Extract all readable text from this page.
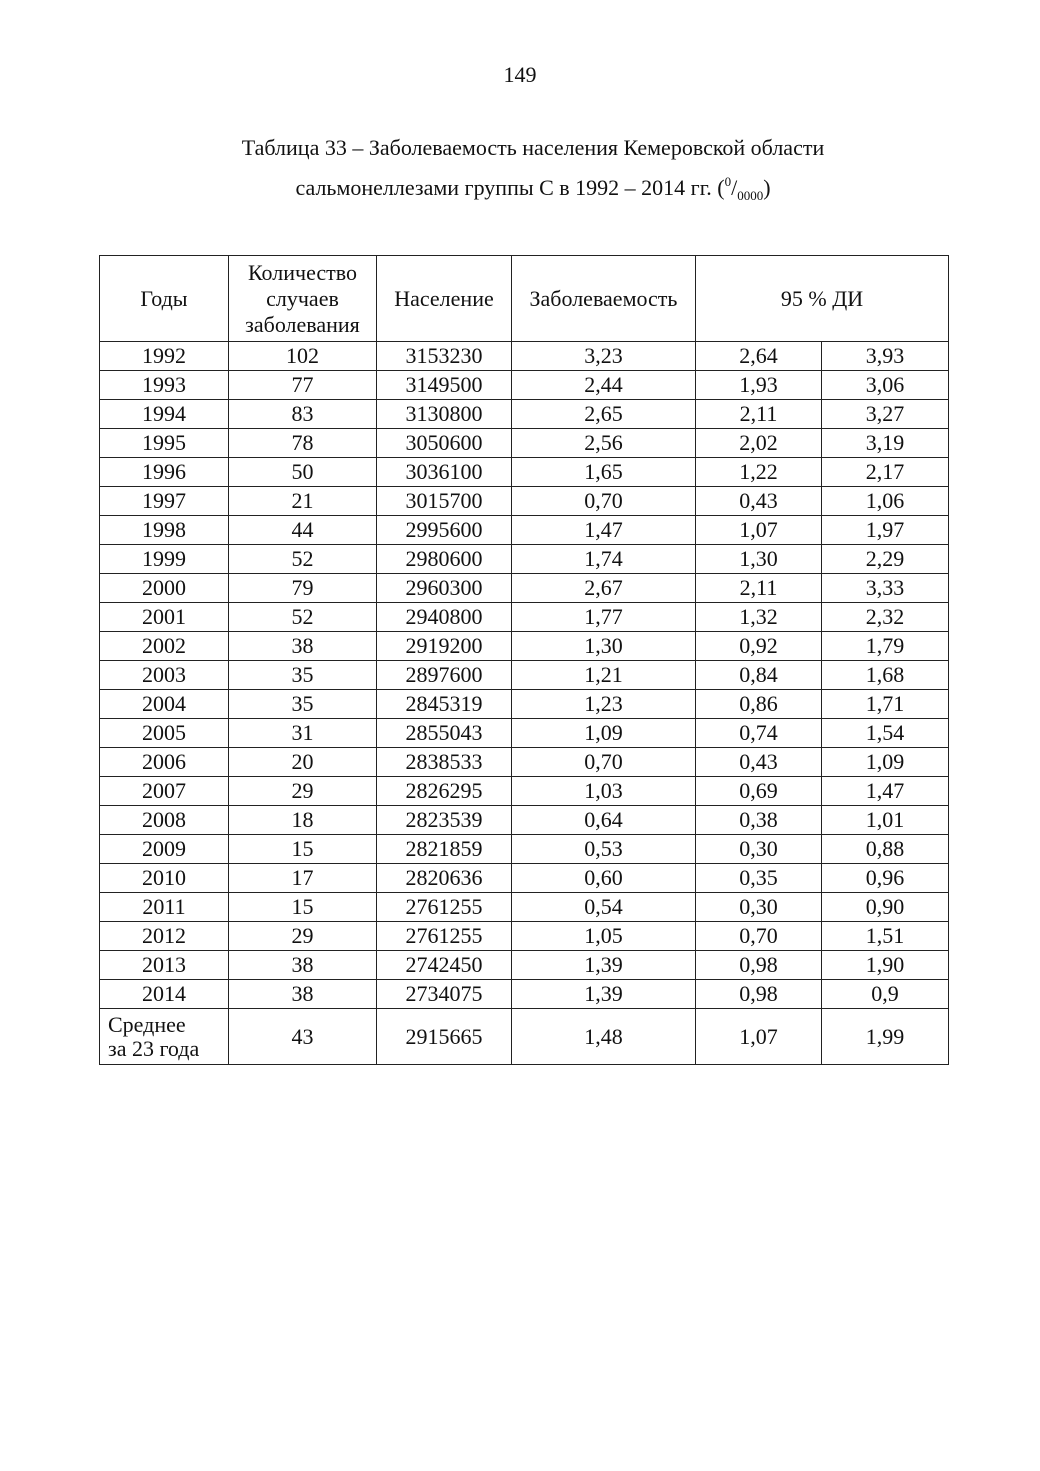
149
Таблица 33 – Заболеваемость населения Кемеровской области
сальмонеллезами группы С в 1992 – 2014 гг. $(^0/_{0000})$
Годы	Количество
случаев
заболевания	Население	Заболеваемость	95 % ДИ	
1992	102	3153230	3,23	2,64	3,93
1993	77	3149500	2,44	1,93	3,06
1994	83	3130800	2,65	2,11	3,27
1995	78	3050600	2,56	2,02	3,19
1996	50	3036100	1,65	1,22	2,17
1997	21	3015700	0,70	0,43	1,06
1998	44	2995600	1,47	1,07	1,97
1999	52	2980600	1,74	1,30	2,29
2000	79	2960300	2,67	2,11	3,33
2001	52	2940800	1,77	1,32	2,32
2002	38	2919200	1,30	0,92	1,79
2003	35	2897600	1,21	0,84	1,68
2004	35	2845319	1,23	0,86	1,71
2005	31	2855043	1,09	0,74	1,54
2006	20	2838533	0,70	0,43	1,09
2007	29	2826295	1,03	0,69	1,47
2008	18	2823539	0,64	0,38	1,01
2009	15	2821859	0,53	0,30	0,88
2010	17	2820636	0,60	0,35	0,96
2011	15	2761255	0,54	0,30	0,90
2012	29	2761255	1,05	0,70	1,51
2013	38	2742450	1,39	0,98	1,90
2014	38	2734075	1,39	0,98	0,9

Среднее
за 23 года	43	2915665	1,48	1,07	1,99
